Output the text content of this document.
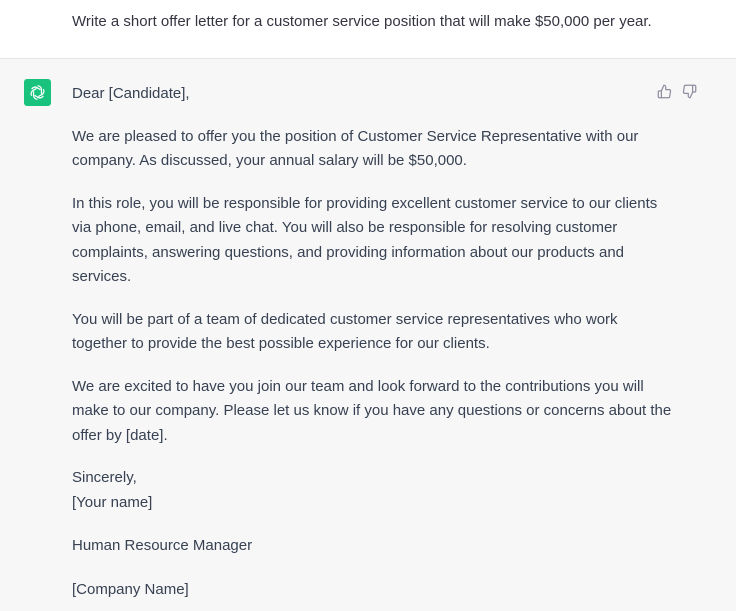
Write a short offer letter for a customer service position that will make $50,000 per year.

Dear [Candidate],

We are pleased to offer you the position of Customer Service Representative with our company. As discussed, your annual salary will be $50,000.

In this role, you will be responsible for providing excellent customer service to our clients via phone, email, and live chat. You will also be responsible for resolving customer complaints, answering questions, and providing information about our products and services.

You will be part of a team of dedicated customer service representatives who work together to provide the best possible experience for our clients.

We are excited to have you join our team and look forward to the contributions you will make to our company. Please let us know if you have any questions or concerns about the offer by [date].

Sincerely,

[Your name]

Human Resource Manager

[Company Name]
